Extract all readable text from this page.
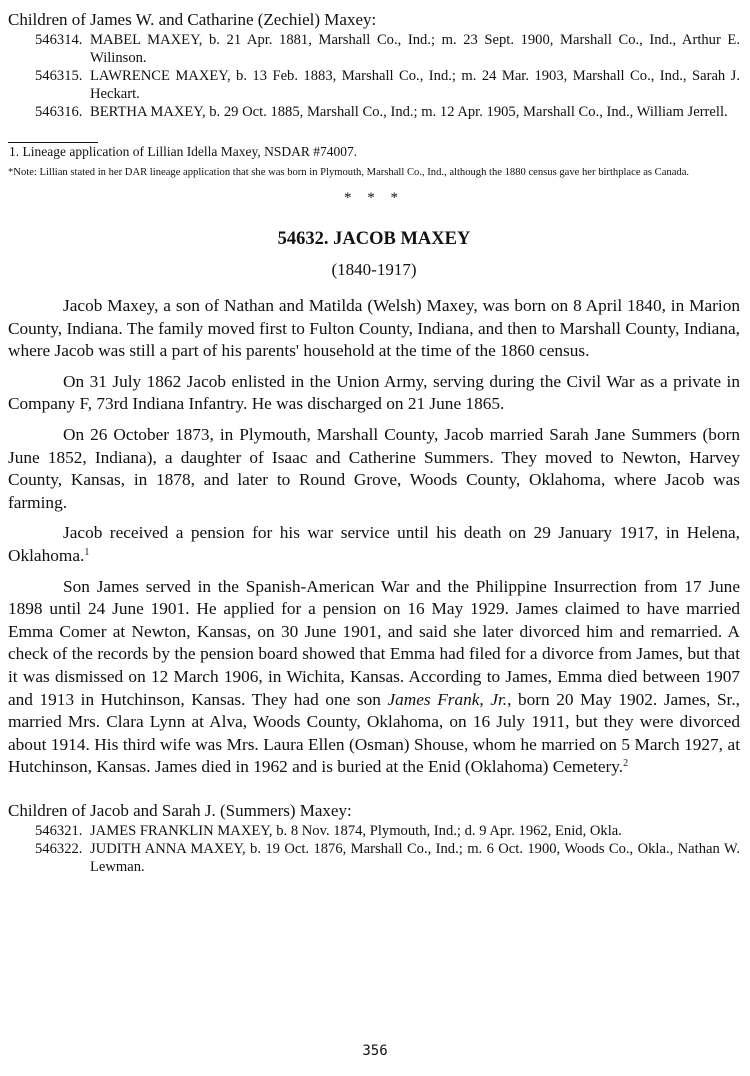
Children of James W. and Catharine (Zechiel) Maxey:

546314. MABEL MAXEY, b. 21 Apr. 1881, Marshall Co., Ind.; m. 23 Sept. 1900, Marshall Co., Ind., Arthur E. Wilinson.
546315. LAWRENCE MAXEY, b. 13 Feb. 1883, Marshall Co., Ind.; m. 24 Mar. 1903, Marshall Co., Ind., Sarah J. Heckart.
546316. BERTHA MAXEY, b. 29 Oct. 1885, Marshall Co., Ind.; m. 12 Apr. 1905, Marshall Co., Ind., William Jerrell.
1. Lineage application of Lillian Idella Maxey, NSDAR #74007.
*Note: Lillian stated in her DAR lineage application that she was born in Plymouth, Marshall Co., Ind., although the 1880 census gave her birthplace as Canada.
* * *
54632. JACOB MAXEY
(1840-1917)

Jacob Maxey, a son of Nathan and Matilda (Welsh) Maxey, was born on 8 April 1840, in Marion County, Indiana. The family moved first to Fulton County, Indiana, and then to Marshall County, Indiana, where Jacob was still a part of his parents' household at the time of the 1860 census.

On 31 July 1862 Jacob enlisted in the Union Army, serving during the Civil War as a private in Company F, 73rd Indiana Infantry. He was discharged on 21 June 1865.

On 26 October 1873, in Plymouth, Marshall County, Jacob married Sarah Jane Summers (born June 1852, Indiana), a daughter of Isaac and Catherine Summers. They moved to Newton, Harvey County, Kansas, in 1878, and later to Round Grove, Woods County, Oklahoma, where Jacob was farming.

Jacob received a pension for his war service until his death on 29 January 1917, in Helena, Oklahoma.$^1$

Son James served in the Spanish-American War and the Philippine Insurrection from 17 June 1898 until 24 June 1901. He applied for a pension on 16 May 1929. James claimed to have married Emma Comer at Newton, Kansas, on 30 June 1901, and said she later divorced him and remarried. A check of the records by the pension board showed that Emma had filed for a divorce from James, but that it was dismissed on 12 March 1906, in Wichita, Kansas. According to James, Emma died between 1907 and 1913 in Hutchinson, Kansas. They had one son James Frank, Jr., born 20 May 1902. James, Sr., married Mrs. Clara Lynn at Alva, Woods County, Oklahoma, on 16 July 1911, but they were divorced about 1914. His third wife was Mrs. Laura Ellen (Osman) Shouse, whom he married on 5 March 1927, at Hutchinson, Kansas. James died in 1962 and is buried at the Enid (Oklahoma) Cemetery.$^2$

Children of Jacob and Sarah J. (Summers) Maxey:

546321. JAMES FRANKLIN MAXEY, b. 8 Nov. 1874, Plymouth, Ind.; d. 9 Apr. 1962, Enid, Okla.
546322. JUDITH ANNA MAXEY, b. 19 Oct. 1876, Marshall Co., Ind.; m. 6 Oct. 1900, Woods Co., Okla., Nathan W. Lewman.
356
